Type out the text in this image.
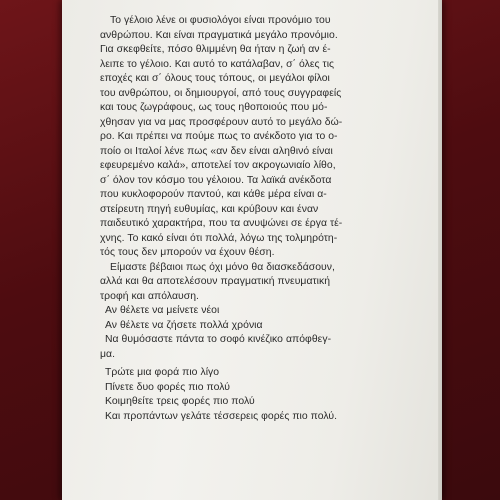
Το γέλοιο λένε οι φυσιολόγοι είναι προνόμιο του
ανθρώπου. Και είναι πραγματικά μεγάλο προνόμιο.
Για σκεφθείτε, πόσο θλιμμένη θα ήταν η ζωή αν έ-
λειπε το γέλοιο. Και αυτό το κατάλαβαν, σ΄ όλες τις
εποχές και σ΄ όλους τους τόπους, οι μεγάλοι φίλοι
του ανθρώπου, οι δημιουργοί, από τους συγγραφείς
και τους ζωγράφους, ως τους ηθοποιούς που μό-
χθησαν για να μας προσφέρουν αυτό το μεγάλο δώ-
ρο. Και πρέπει να πούμε πως το ανέκδοτο για το ο-
ποίο οι Ιταλοί λένε πως «αν δεν είναι αληθινό είναι
εφευρεμένο καλά», αποτελεί τον ακρογωνιαίο λίθο,
σ΄ όλον τον κόσμο του γέλοιου. Τα λαϊκά ανέκδοτα
που κυκλοφορούν παντού, και κάθε μέρα είναι α-
στείρευτη πηγή ευθυμίας, και κρύβουν και έναν
παιδευτικό χαρακτήρα, που τα ανυψώνει σε έργα τέ-
χνης. Το κακό είναι ότι πολλά, λόγω της τολμηρότη-
τός τους δεν μπορούν να έχουν θέση.
Είμαστε βέβαιοι πως όχι μόνο θα διασκεδάσουν,
αλλά και θα αποτελέσουν πραγματική πνευματική
τροφή και απόλαυση.
Αν θέλετε να μείνετε νέοι
Αν θέλετε να ζήσετε πολλά χρόνια
Να θυμόσαστε πάντα το σοφό κινέζικο απόφθεγ-
μα.
Τρώτε μια φορά πιο λίγο
Πίνετε δυο φορές πιο πολύ
Κοιμηθείτε τρεις φορές πιο πολύ
Και προπάντων γελάτε τέσσερεις φορές πιο πολύ.
